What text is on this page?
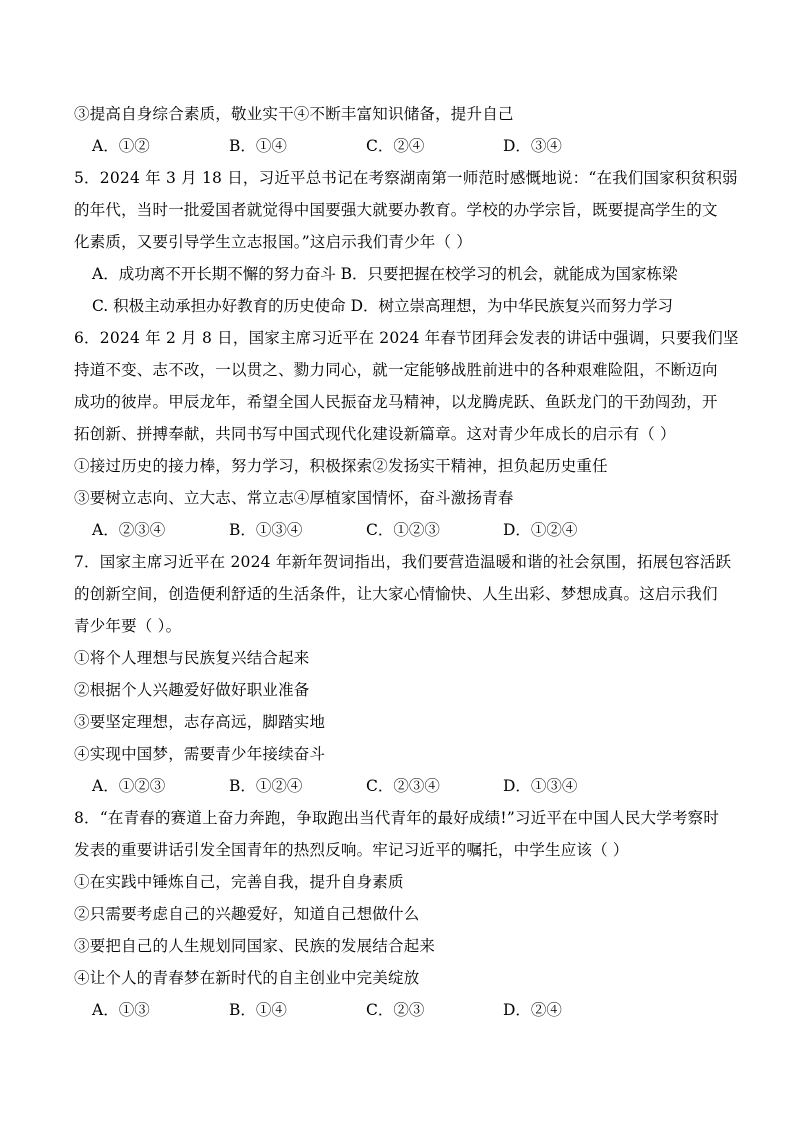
③提高自身综合素质，敬业实干④不断丰富知识储备，提升自己
A．①②	B．①④	C．②④	D．③④
5．2024 年 3 月 18 日，习近平总书记在考察湖南第一师范时感慨地说：“在我们国家积贫积弱
的年代，当时一批爱国者就觉得中国要强大就要办教育。学校的办学宗旨，既要提高学生的文
化素质，又要引导学生立志报国。”这启示我们青少年（ ）
A．成功离不开长期不懈的努力奋斗 B．只要把握在校学习的机会，就能成为国家栋梁
C. 积极主动承担办好教育的历史使命 D．树立崇高理想，为中华民族复兴而努力学习
6．2024 年 2 月 8 日，国家主席习近平在 2024 年春节团拜会发表的讲话中强调，只要我们坚
持道不变、志不改，一以贯之、勠力同心，就一定能够战胜前进中的各种艰难险阻，不断迈向
成功的彼岸。甲辰龙年，希望全国人民振奋龙马精神，以龙腾虎跃、鱼跃龙门的干劲闯劲，开
拓创新、拼搏奉献，共同书写中国式现代化建设新篇章。这对青少年成长的启示有（ ）
①接过历史的接力棒，努力学习，积极探索②发扬实干精神，担负起历史重任
③要树立志向、立大志、常立志④厚植家国情怀，奋斗激扬青春
A．②③④	B．①③④	C．①②③	D．①②④
7．国家主席习近平在 2024 年新年贺词指出，我们要营造温暖和谐的社会氛围，拓展包容活跃
的创新空间，创造便利舒适的生活条件，让大家心情愉快、人生出彩、梦想成真。这启示我们
青少年要（ ）。
①将个人理想与民族复兴结合起来
②根据个人兴趣爱好做好职业准备
③要坚定理想，志存高远，脚踏实地
④实现中国梦，需要青少年接续奋斗
A．①②③	B．①②④	C．②③④	D．①③④
8．“在青春的赛道上奋力奔跑，争取跑出当代青年的最好成绩!”习近平在中国人民大学考察时
发表的重要讲话引发全国青年的热烈反响。牢记习近平的嘱托，中学生应该（ ）
①在实践中锤炼自己，完善自我，提升自身素质
②只需要考虑自己的兴趣爱好，知道自己想做什么
③要把自己的人生规划同国家、民族的发展结合起来
④让个人的青春梦在新时代的自主创业中完美绽放
A．①③	B．①④	C．②③	D．②④
